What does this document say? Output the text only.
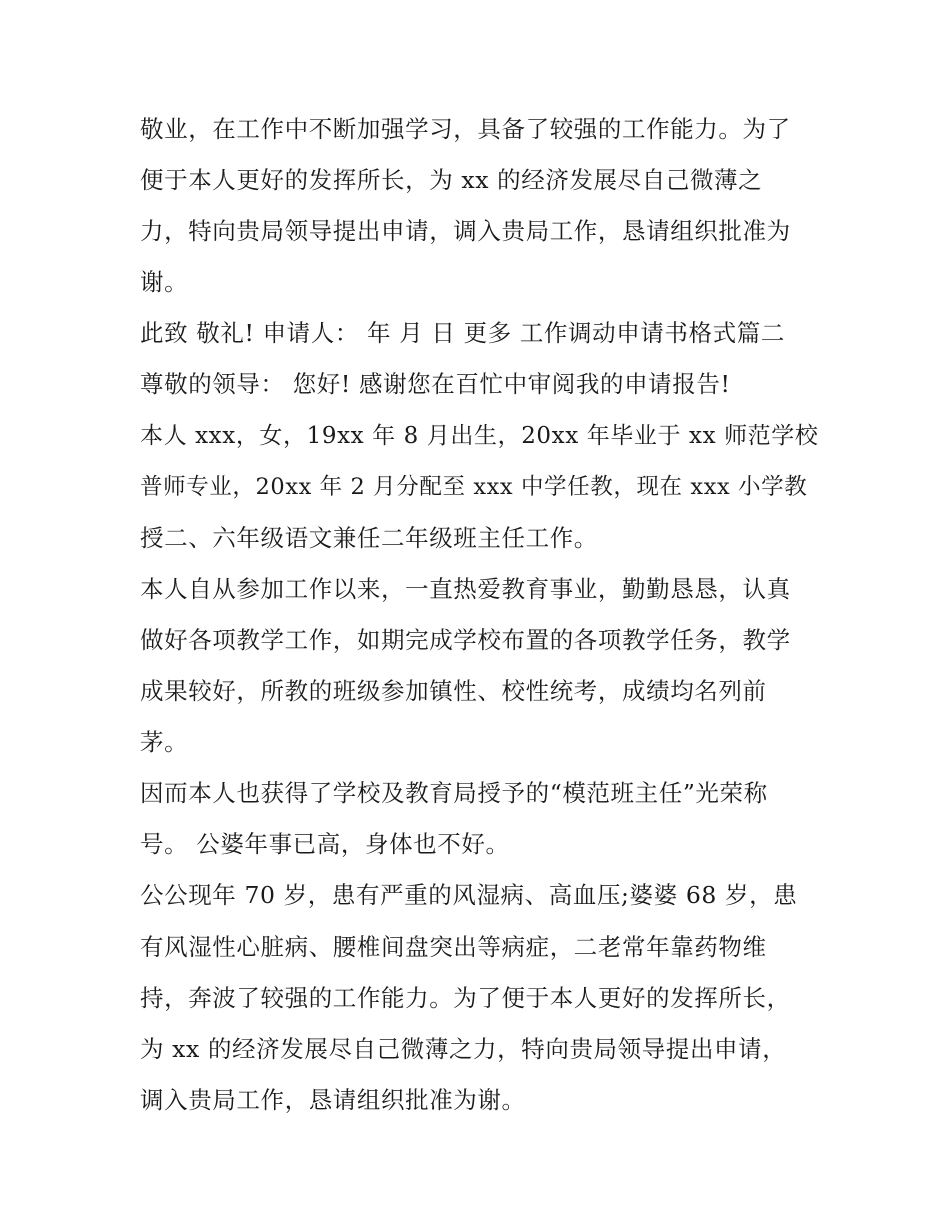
敬业，在工作中不断加强学习，具备了较强的工作能力。为了
便于本人更好的发挥所长，为 xx 的经济发展尽自己微薄之
力，特向贵局领导提出申请，调入贵局工作，恳请组织批准为
谢。
此致 敬礼! 申请人： 年 月 日 更多 工作调动申请书格式篇二
尊敬的领导： 您好! 感谢您在百忙中审阅我的申请报告!
本人 xxx，女，19xx 年 8 月出生，20xx 年毕业于 xx 师范学校
普师专业，20xx 年 2 月分配至 xxx 中学任教，现在 xxx 小学教
授二、六年级语文兼任二年级班主任工作。
本人自从参加工作以来，一直热爱教育事业，勤勤恳恳，认真
做好各项教学工作，如期完成学校布置的各项教学任务，教学
成果较好，所教的班级参加镇性、校性统考，成绩均名列前
茅。
因而本人也获得了学校及教育局授予的“模范班主任”光荣称
号。 公婆年事已高，身体也不好。
公公现年 70 岁，患有严重的风湿病、高血压;婆婆 68 岁，患
有风湿性心脏病、腰椎间盘突出等病症，二老常年靠药物维
持，奔波了较强的工作能力。为了便于本人更好的发挥所长，
为 xx 的经济发展尽自己微薄之力，特向贵局领导提出申请，
调入贵局工作，恳请组织批准为谢。
